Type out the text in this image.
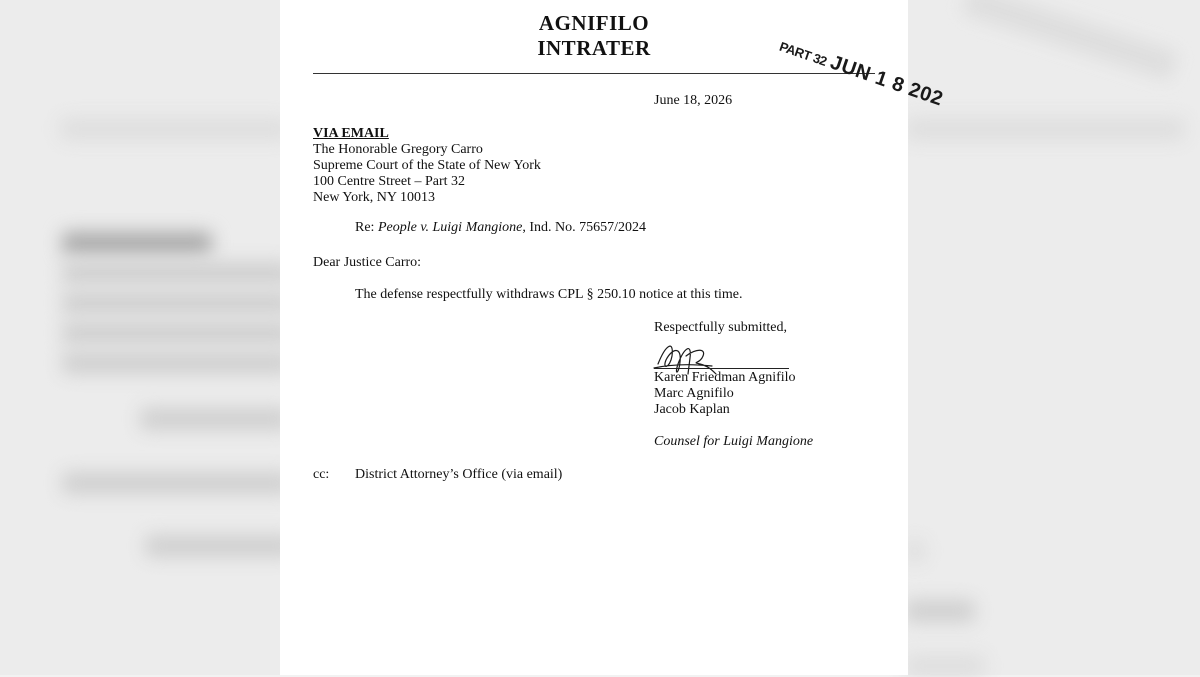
AGNIFILO
INTRATER	PART 32 JUN 1 8 202
June 18, 2026
VIA EMAIL
The Honorable Gregory Carro
Supreme Court of the State of New York
100 Centre Street – Part 32
New York, NY 10013
Re: People v. Luigi Mangione, Ind. No. 75657/2024
Dear Justice Carro:
The defense respectfully withdraws CPL § 250.10 notice at this time.
Respectfully submitted,
Karen Friedman Agnifilo
Marc Agnifilo
Jacob Kaplan
Counsel for Luigi Mangione
cc: District Attorney’s Office (via email)
